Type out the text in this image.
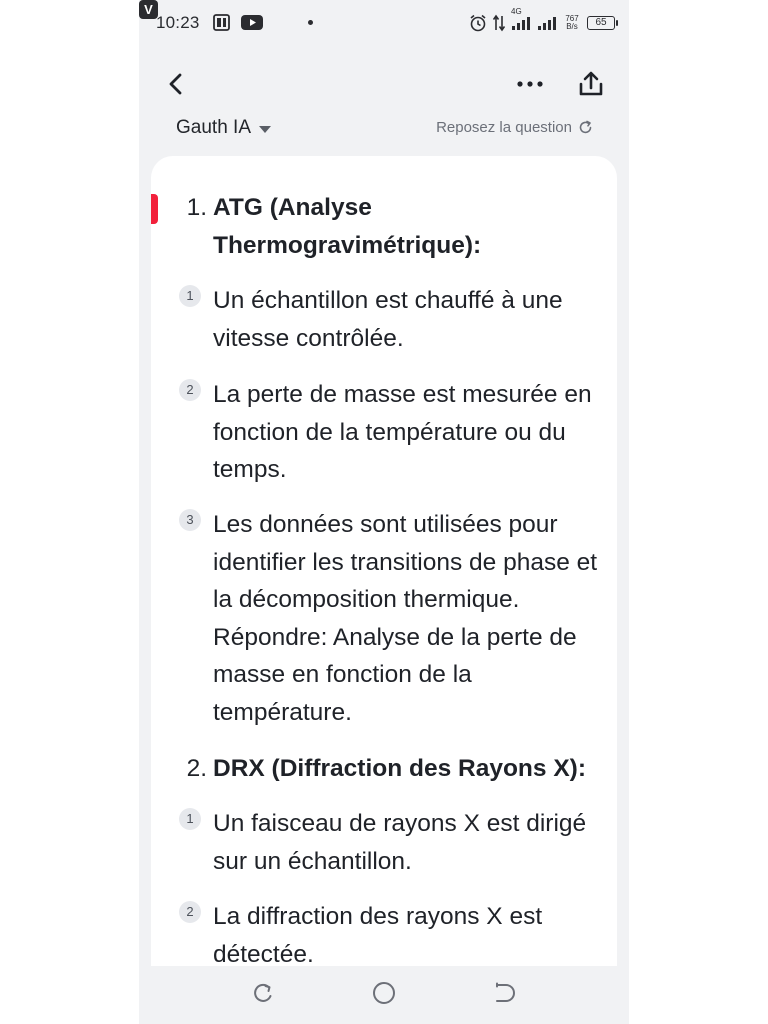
10:23
V	4G
767
B/s	65
Gauth IA	Reposez la question
1. ATG (Analyse Thermogravimétrique):
1 Un échantillon est chauffé à une vitesse contrôlée.
2 La perte de masse est mesurée en fonction de la température ou du temps.
3 Les données sont utilisées pour identifier les transitions de phase et la décomposition thermique. Répondre: Analyse de la perte de masse en fonction de la température.
2. DRX (Diffraction des Rayons X):
1 Un faisceau de rayons X est dirigé sur un échantillon.
2 La diffraction des rayons X est détectée.
